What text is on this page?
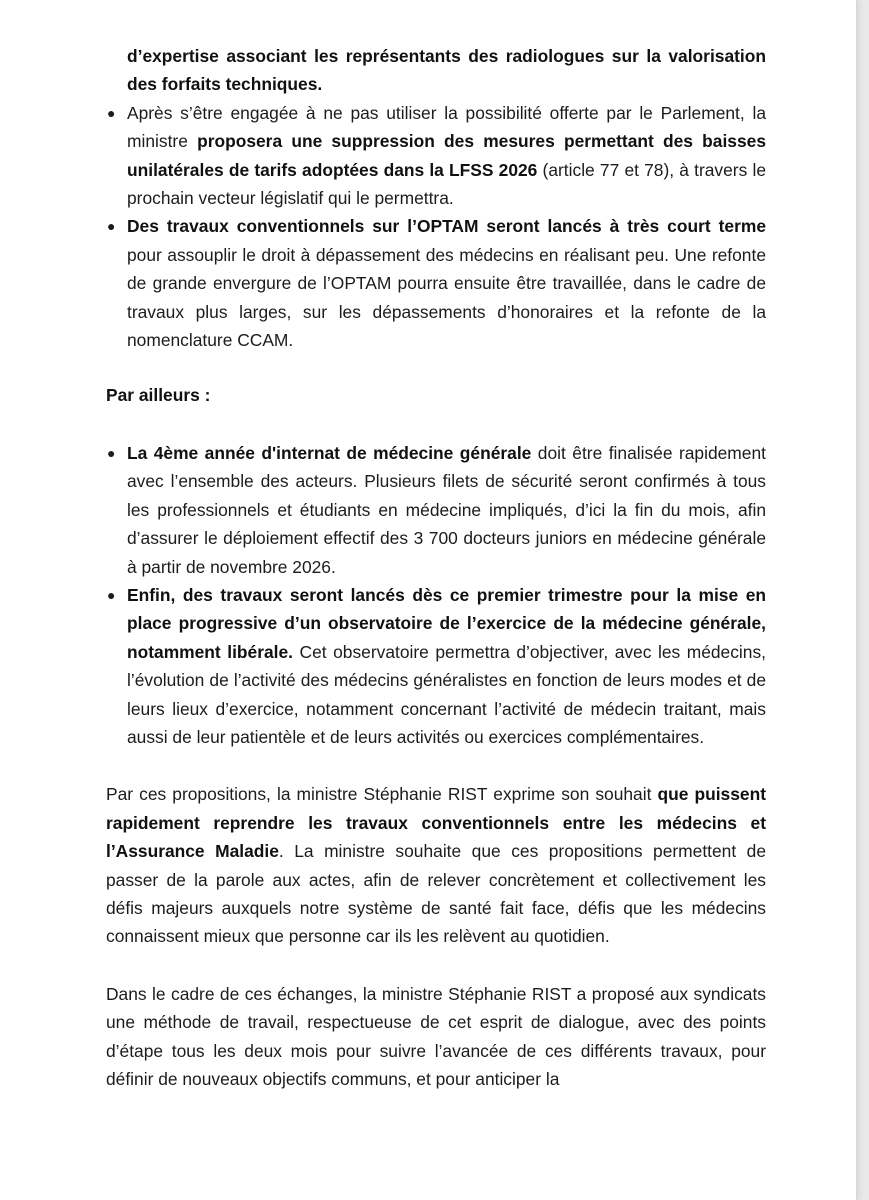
d’expertise associant les représentants des radiologues sur la valorisation des forfaits techniques.

● Après s’être engagée à ne pas utiliser la possibilité offerte par le Parlement, la ministre proposera une suppression des mesures permettant des baisses unilatérales de tarifs adoptées dans la LFSS 2026 (article 77 et 78), à travers le prochain vecteur législatif qui le permettra.
● Des travaux conventionnels sur l’OPTAM seront lancés à très court terme pour assouplir le droit à dépassement des médecins en réalisant peu. Une refonte de grande envergure de l’OPTAM pourra ensuite être travaillée, dans le cadre de travaux plus larges, sur les dépassements d’honoraires et la refonte de la nomenclature CCAM.

Par ailleurs :

● La 4ème année d'internat de médecine générale doit être finalisée rapidement avec l’ensemble des acteurs. Plusieurs filets de sécurité seront confirmés à tous les professionnels et étudiants en médecine impliqués, d’ici la fin du mois, afin d’assurer le déploiement effectif des 3 700 docteurs juniors en médecine générale à partir de novembre 2026.
● Enfin, des travaux seront lancés dès ce premier trimestre pour la mise en place progressive d’un observatoire de l’exercice de la médecine générale, notamment libérale. Cet observatoire permettra d’objectiver, avec les médecins, l’évolution de l’activité des médecins généralistes en fonction de leurs modes et de leurs lieux d’exercice, notamment concernant l’activité de médecin traitant, mais aussi de leur patientèle et de leurs activités ou exercices complémentaires.

Par ces propositions, la ministre Stéphanie RIST exprime son souhait que puissent rapidement reprendre les travaux conventionnels entre les médecins et l’Assurance Maladie. La ministre souhaite que ces propositions permettent de passer de la parole aux actes, afin de relever concrètement et collectivement les défis majeurs auxquels notre système de santé fait face, défis que les médecins connaissent mieux que personne car ils les relèvent au quotidien.

Dans le cadre de ces échanges, la ministre Stéphanie RIST a proposé aux syndicats une méthode de travail, respectueuse de cet esprit de dialogue, avec des points d’étape tous les deux mois pour suivre l’avancée de ces différents travaux, pour définir de nouveaux objectifs communs, et pour anticiper la
